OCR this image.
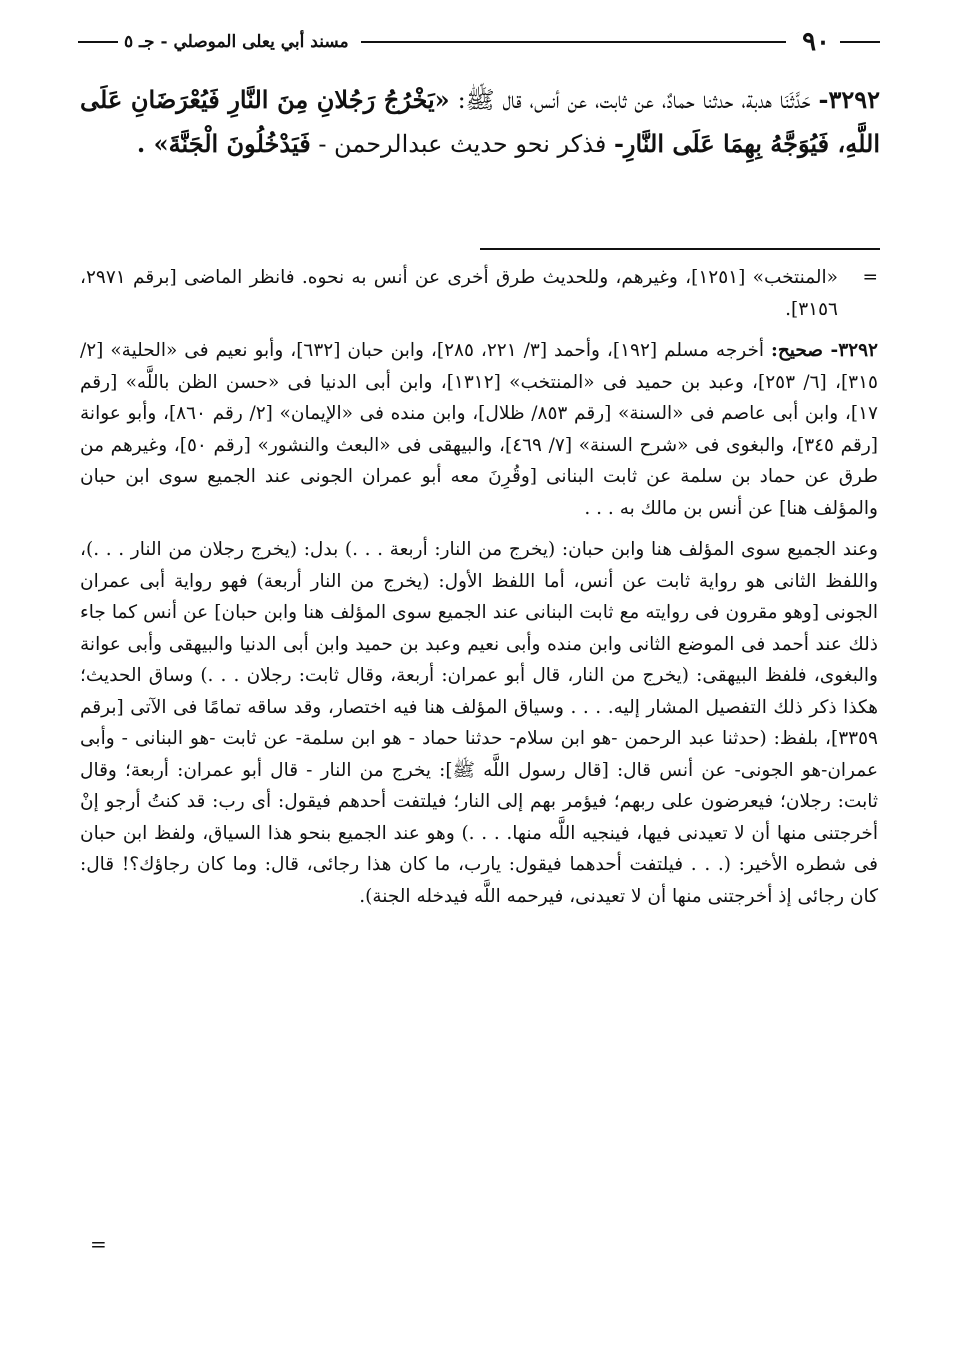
٩٠
مسند أبي يعلى الموصلي - جـ ٥
٣٢٩٢- حَدَّثَنَا هدبة، حدثنا حمادٌ، عن ثابت، عن أنس، قال ﷺ: «يَخْرُجُ رَجُلانِ مِنَ النَّارِ فَيُعْرَضَانِ عَلَى اللَّهِ، فَيُوَجَّهُ بِهِمَا عَلَى النَّارِ- فذكر نحو حديث عبدالرحمن - فَيَدْخُلُونَ الْجَنَّةَ» .

=
«المنتخب» [١٢٥١]، وغيرهم، وللحديث طرق أخرى عن أنس به نحوه. فانظر الماضى [برقم ٢٩٧١، ٣١٥٦].

٣٢٩٢- صحيح: أخرجه مسلم [١٩٢]، وأحمد [٣/ ٢٢١، ٢٨٥]، وابن حبان [٦٣٢]، وأبو نعيم فى «الحلية» [٢/ ٣١٥]، [٦/ ٢٥٣]، وعبد بن حميد فى «المنتخب» [١٣١٢]، وابن أبى الدنيا فى «حسن الظن باللَّه» [رقم ١٧]، وابن أبى عاصم فى «السنة» [رقم ٨٥٣/ ظلال]، وابن منده فى «الإيمان» [٢/ رقم ٨٦٠]، وأبو عوانة [رقم ٣٤٥]، والبغوى فى «شرح السنة» [٧/ ٤٦٩]، والبيهقى فى «البعث والنشور» [رقم ٥٠]، وغيرهم من طرق عن حماد بن سلمة عن ثابت البنانى [وقُرِنَ معه أبو عمران الجونى عند الجميع سوى ابن حبان والمؤلف هنا] عن أنس بن مالك به . . .

وعند الجميع سوى المؤلف هنا وابن حبان: (يخرج من النار: أربعة . . .) بدل: (يخرج رجلان من النار . . .)، واللفظ الثانى هو رواية ثابت عن أنس، أما اللفظ الأول: (يخرج من النار أربعة) فهو رواية أبى عمران الجونى [وهو مقرون فى روايته مع ثابت البنانى عند الجميع سوى المؤلف هنا وابن حبان] عن أنس كما جاء ذلك عند أحمد فى الموضع الثانى وابن منده وأبى نعيم وعبد بن حميد وابن أبى الدنيا والبيهقى وأبى عوانة والبغوى، فلفظ البيهقى: (يخرج من النار، قال أبو عمران: أربعة، وقال ثابت: رجلان . . .) وساق الحديث؛ هكذا ذكر ذلك التفصيل المشار إليه. . . . وسياق المؤلف هنا فيه اختصار، وقد ساقه تمامًا فى الآتى [برقم ٣٣٥٩]، بلفظ: (حدثنا عبد الرحمن -هو ابن سلام- حدثنا حماد - هو ابن سلمة- عن ثابت -هو البنانى - وأبى عمران-هو الجونى- عن أنس قال: [قال رسول اللَّه ﷺ]: يخرج من النار - قال أبو عمران: أربعة؛ وقال ثابت: رجلان؛ فيعرضون على ربهم؛ فيؤمر بهم إلى النار؛ فيلتفت أحدهم فيقول: أى رب: قد كنتُ أرجو إنْ أخرجتنى منها أن لا تعيدنى فيها، فينجيه اللَّه منها. . . .) وهو عند الجميع بنحو هذا السياق، ولفظ ابن حبان فى شطره الأخير: (. . . فيلتفت أحدهما فيقول: يارب، ما كان هذا رجائى، قال: وما كان رجاؤك؟! قال: كان رجائى إذ أخرجتنى منها أن لا تعيدنى، فيرحمه اللَّه فيدخله الجنة).

=
